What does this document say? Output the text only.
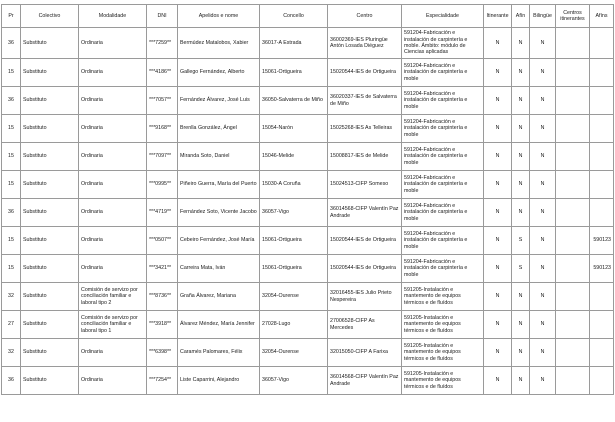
Pr	Colectivo	Modalidade	DNI	Apelidos e nome	Concello	Centro	Especialidade	Itinerante	Afín	Bilingüe	Centros itinerantes	Afíns
36	Substituto	Ordinaria	***7259**	Bermúdez Matalobos, Xabier	36017-A Estrada	36002369-IES Pluringüe Antón Losada Diéguez	591204-Fabricación e instalación de carpintería e moble. Ámbito: módulo de Ciencias aplicadas	N	N	N		
15	Substituto	Ordinaria	***4186**	Gallego Fernández, Alberto	15061-Ortigueira	15020544-IES de Ortigueira	591204-Fabricación e instalación de carpintería e moble	N	N	N		
36	Substituto	Ordinaria	***7057**	Fernández Álvarez, José Luis	36050-Salvaterra de Miño	36020337-IES de Salvaterra de Miño	591204-Fabricación e instalación de carpintería e moble	N	N	N		
15	Substituto	Ordinaria	***9168**	Brenlla González, Ángel	15054-Narón	15025268-IES As Telleiras	591204-Fabricación e instalación de carpintería e moble	N	N	N		
15	Substituto	Ordinaria	***7097**	Miranda Soto, Daniel	15046-Melide	15008817-IES de Melide	591204-Fabricación e instalación de carpintería e moble	N	N	N		
15	Substituto	Ordinaria	***0995**	Piñeiro Guerra, María del Puerto	15030-A Coruña	15024513-CIFP Someso	591204-Fabricación e instalación de carpintería e moble	N	N	N		
36	Substituto	Ordinaria	***4719**	Fernández Soto, Vicente Jacobo	36057-Vigo	36014568-CIFP Valentín Paz Andrade	591204-Fabricación e instalación de carpintería e moble	N	N	N		
15	Substituto	Ordinaria	***0507**	Cebeiro Fernández, José María	15061-Ortigueira	15020544-IES de Ortigueira	591204-Fabricación e instalación de carpintería e moble	N	S	N		590123
15	Substituto	Ordinaria	***3421**	Carreira Mata, Iván	15061-Ortigueira	15020544-IES de Ortigueira	591204-Fabricación e instalación de carpintería e moble	N	S	N		590123
32	Substituto	Comisión de servizo por conciliación familiar e laboral tipo 2	***8736**	Graña Álvarez, Mariana	32054-Ourense	32016455-IES Julio Prieto Nespereira	591205-Instalación e mantemento de equipos térmicos e de fluídos	N	N	N		
27	Substituto	Comisión de servizo por conciliación familiar e laboral tipo 1	***3918**	Álvarez Méndez, María Jennifer	27028-Lugo	27006528-CIFP As Mercedes	591205-Instalación e mantemento de equipos térmicos e de fluídos	N	N	N		
32	Substituto	Ordinaria	***6398**	Caramés Palomares, Félix	32054-Ourense	32015050-CIFP A Farixa	591205-Instalación e mantemento de equipos térmicos e de fluídos	N	N	N		
36	Substituto	Ordinaria	***7254**	Liste Caparrini, Alejandro	36057-Vigo	36014568-CIFP Valentín Paz Andrade	591205-Instalación e mantemento de equipos térmicos e de fluídos	N	N	N		
